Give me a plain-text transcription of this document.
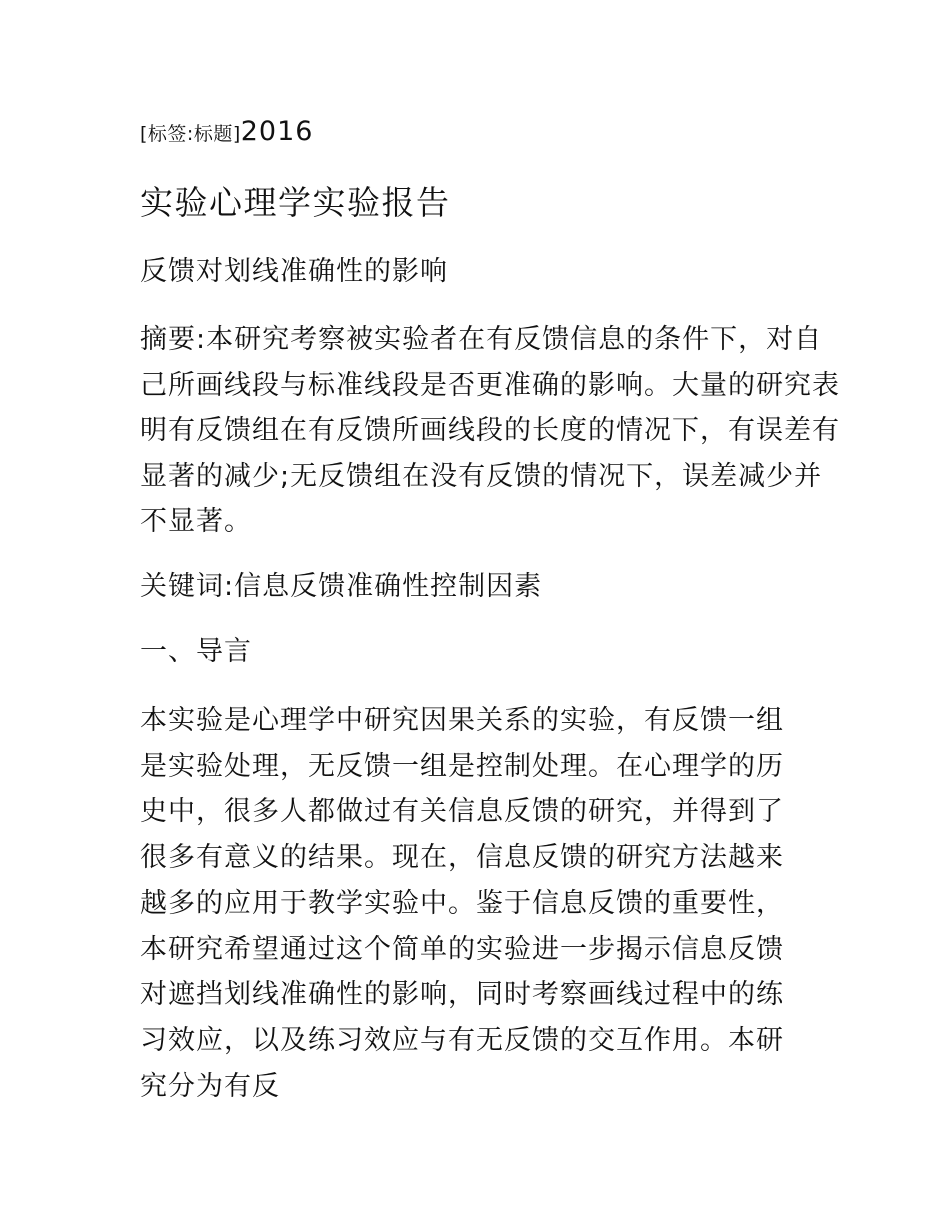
[标签:标题]2016
实验心理学实验报告
反馈对划线准确性的影响

摘要:本研究考察被实验者在有反馈信息的条件下，对自己所画线段与标准线段是否更准确的影响。大量的研究表明有反馈组在有反馈所画线段的长度的情况下，有误差有显著的减少;无反馈组在没有反馈的情况下，误差减少并不显著。

关键词:信息反馈准确性控制因素
一、导言

本实验是心理学中研究因果关系的实验，有反馈一组是实验处理，无反馈一组是控制处理。在心理学的历史中，很多人都做过有关信息反馈的研究，并得到了很多有意义的结果。现在，信息反馈的研究方法越来越多的应用于教学实验中。鉴于信息反馈的重要性，本研究希望通过这个简单的实验进一步揭示信息反馈对遮挡划线准确性的影响，同时考察画线过程中的练习效应，以及练习效应与有无反馈的交互作用。本研究分为有反
